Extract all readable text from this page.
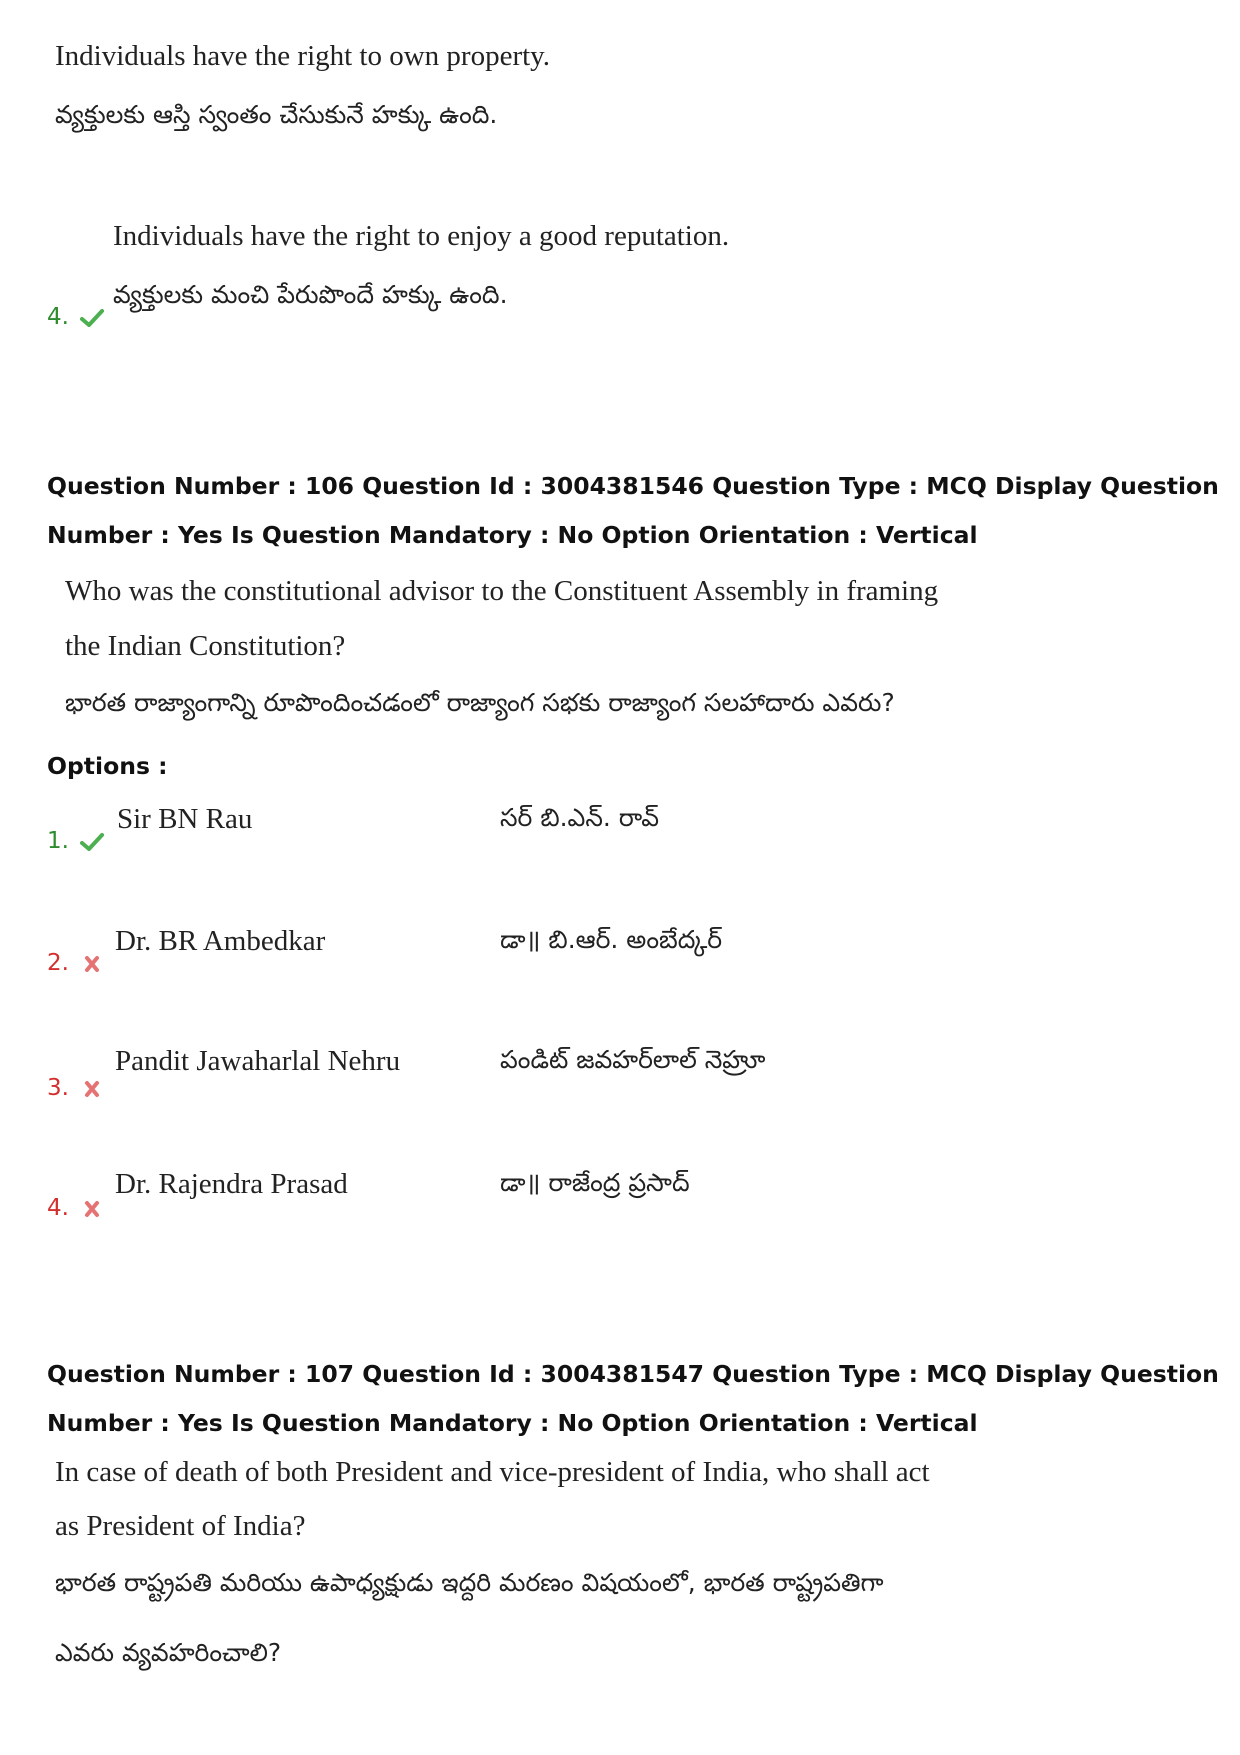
Individuals have the right to own property.
వ్యక్తులకు ఆస్తి స్వంతం చేసుకునే హక్కు ఉంది.
Individuals have the right to enjoy a good reputation.
వ్యక్తులకు మంచి పేరుపొందే హక్కు ఉంది.
4.
Question Number : 106 Question Id : 3004381546 Question Type : MCQ Display Question
Number : Yes Is Question Mandatory : No Option Orientation : Vertical
Who was the constitutional advisor to the Constituent Assembly in framing
the Indian Constitution?
భారత రాజ్యాంగాన్ని రూపొందించడంలో రాజ్యాంగ సభకు రాజ్యాంగ సలహాదారు ఎవరు?
Options :
1.
Sir BN Rau	సర్ బి.ఎన్. రావ్
2.
Dr. BR Ambedkar	డా॥ బి.ఆర్. అంబేద్కర్
3.
Pandit Jawaharlal Nehru	పండిట్ జవహర్‌లాల్ నెహ్రూ
4.
Dr. Rajendra Prasad	డా॥ రాజేంద్ర ప్రసాద్
Question Number : 107 Question Id : 3004381547 Question Type : MCQ Display Question
Number : Yes Is Question Mandatory : No Option Orientation : Vertical
In case of death of both President and vice-president of India, who shall act
as President of India?
భారత రాష్ట్రపతి మరియు ఉపాధ్యక్షుడు ఇద్దరి మరణం విషయంలో, భారత రాష్ట్రపతిగా
ఎవరు వ్యవహరించాలి?
